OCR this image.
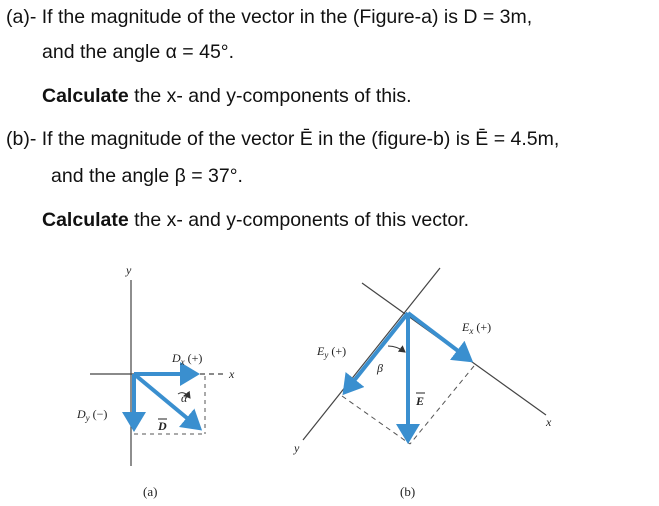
(a)- If the magnitude of the vector in the (Figure-a) is D = 3m,
and the angle α = 45°.
Calculate the x- and y-components of this.
(b)- If the magnitude of the vector Ē in the (figure-b) is Ē = 4.5m,
and the angle β = 37°.
Calculate the x- and y-components of this vector.
y
x
α
$D_x$ (+)
$D_y$ (−)
D
(a)
x
y
β
$E_y$ (+)
$E_x$ (+)
E
(b)
